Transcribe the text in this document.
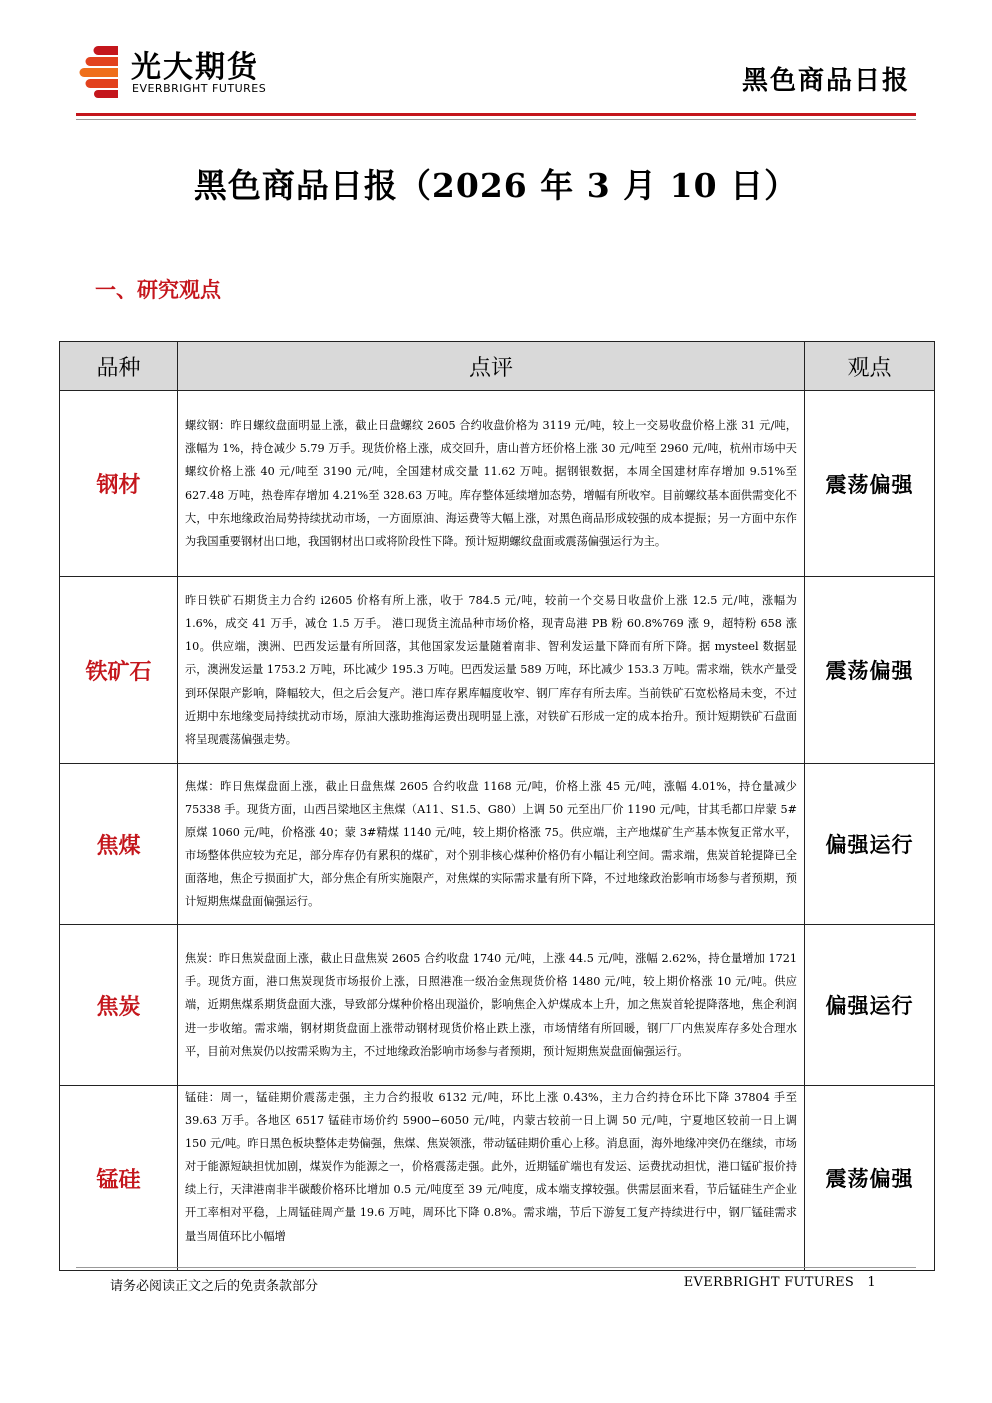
光大期货
EVERBRIGHT FUTURES	黑色商品日报
黑色商品日报（2026 年 3 月 10 日）
一、研究观点
品种	点评	观点
钢材	螺纹钢：昨日螺纹盘面明显上涨，截止日盘螺纹 2605 合约收盘价格为 3119 元/吨，较上一交易收盘价格上涨 31 元/吨，涨幅为 1%，持仓减少 5.79 万手。现货价格上涨，成交回升，唐山普方坯价格上涨 30 元/吨至 2960 元/吨，杭州市场中天螺纹价格上涨 40 元/吨至 3190 元/吨，全国建材成交量 11.62 万吨。据钢银数据，本周全国建材库存增加 9.51%至 627.48 万吨，热卷库存增加 4.21%至 328.63 万吨。库存整体延续增加态势，增幅有所收窄。目前螺纹基本面供需变化不大，中东地缘政治局势持续扰动市场，一方面原油、海运费等大幅上涨，对黑色商品形成较强的成本提振；另一方面中东作为我国重要钢材出口地，我国钢材出口或将阶段性下降。预计短期螺纹盘面或震荡偏强运行为主。	震荡偏强
铁矿石	昨日铁矿石期货主力合约 i2605 价格有所上涨，收于 784.5 元/吨，较前一个交易日收盘价上涨 12.5 元/吨，涨幅为 1.6%，成交 41 万手，减仓 1.5 万手。 港口现货主流品种市场价格，现青岛港 PB 粉 60.8%769 涨 9，超特粉 658 涨 10。供应端，澳洲、巴西发运量有所回落，其他国家发运量随着南非、智利发运量下降而有所下降。据 mysteel 数据显示，澳洲发运量 1753.2 万吨，环比减少 195.3 万吨。巴西发运量 589 万吨，环比减少 153.3 万吨。需求端，铁水产量受到环保限产影响，降幅较大，但之后会复产。港口库存累库幅度收窄、钢厂库存有所去库。当前铁矿石宽松格局未变，不过近期中东地缘变局持续扰动市场，原油大涨助推海运费出现明显上涨，对铁矿石形成一定的成本抬升。预计短期铁矿石盘面将呈现震荡偏强走势。	震荡偏强
焦煤	焦煤：昨日焦煤盘面上涨，截止日盘焦煤 2605 合约收盘 1168 元/吨，价格上涨 45 元/吨，涨幅 4.01%，持仓量减少 75338 手。现货方面，山西吕梁地区主焦煤（A11、S1.5、G80）上调 50 元至出厂价 1190 元/吨，甘其毛都口岸蒙 5#原煤 1060 元/吨，价格涨 40；蒙 3#精煤 1140 元/吨，较上期价格涨 75。供应端，主产地煤矿生产基本恢复正常水平，市场整体供应较为充足，部分库存仍有累积的煤矿，对个别非核心煤种价格仍有小幅让利空间。需求端，焦炭首轮提降已全面落地，焦企亏损面扩大，部分焦企有所实施限产，对焦煤的实际需求量有所下降，不过地缘政治影响市场参与者预期，预计短期焦煤盘面偏强运行。	偏强运行
焦炭	焦炭：昨日焦炭盘面上涨，截止日盘焦炭 2605 合约收盘 1740 元/吨，上涨 44.5 元/吨，涨幅 2.62%，持仓量增加 1721 手。现货方面，港口焦炭现货市场报价上涨，日照港准一级冶金焦现货价格 1480 元/吨，较上期价格涨 10 元/吨。供应端，近期焦煤系期货盘面大涨，导致部分煤种价格出现溢价，影响焦企入炉煤成本上升，加之焦炭首轮提降落地，焦企利润进一步收缩。需求端，钢材期货盘面上涨带动钢材现货价格止跌上涨，市场情绪有所回暖，钢厂厂内焦炭库存多处合理水平，目前对焦炭仍以按需采购为主，不过地缘政治影响市场参与者预期，预计短期焦炭盘面偏强运行。	偏强运行
锰硅	锰硅：周一，锰硅期价震荡走强，主力合约报收 6132 元/吨，环比上涨 0.43%，主力合约持仓环比下降 37804 手至 39.63 万手。各地区 6517 锰硅市场价约 5900−6050 元/吨，内蒙古较前一日上调 50 元/吨，宁夏地区较前一日上调 150 元/吨。昨日黑色板块整体走势偏强，焦煤、焦炭领涨，带动锰硅期价重心上移。消息面，海外地缘冲突仍在继续，市场对于能源短缺担忧加剧，煤炭作为能源之一，价格震荡走强。此外，近期锰矿端也有发运、运费扰动担忧，港口锰矿报价持续上行，天津港南非半碳酸价格环比增加 0.5 元/吨度至 39 元/吨度，成本端支撑较强。供需层面来看，节后锰硅生产企业开工率相对平稳，上周锰硅周产量 19.6 万吨，周环比下降 0.8%。需求端，节后下游复工复产持续进行中，钢厂锰硅需求量当周值环比小幅增	震荡偏强
请务必阅读正文之后的免责条款部分	EVERBRIGHT FUTURES 1
